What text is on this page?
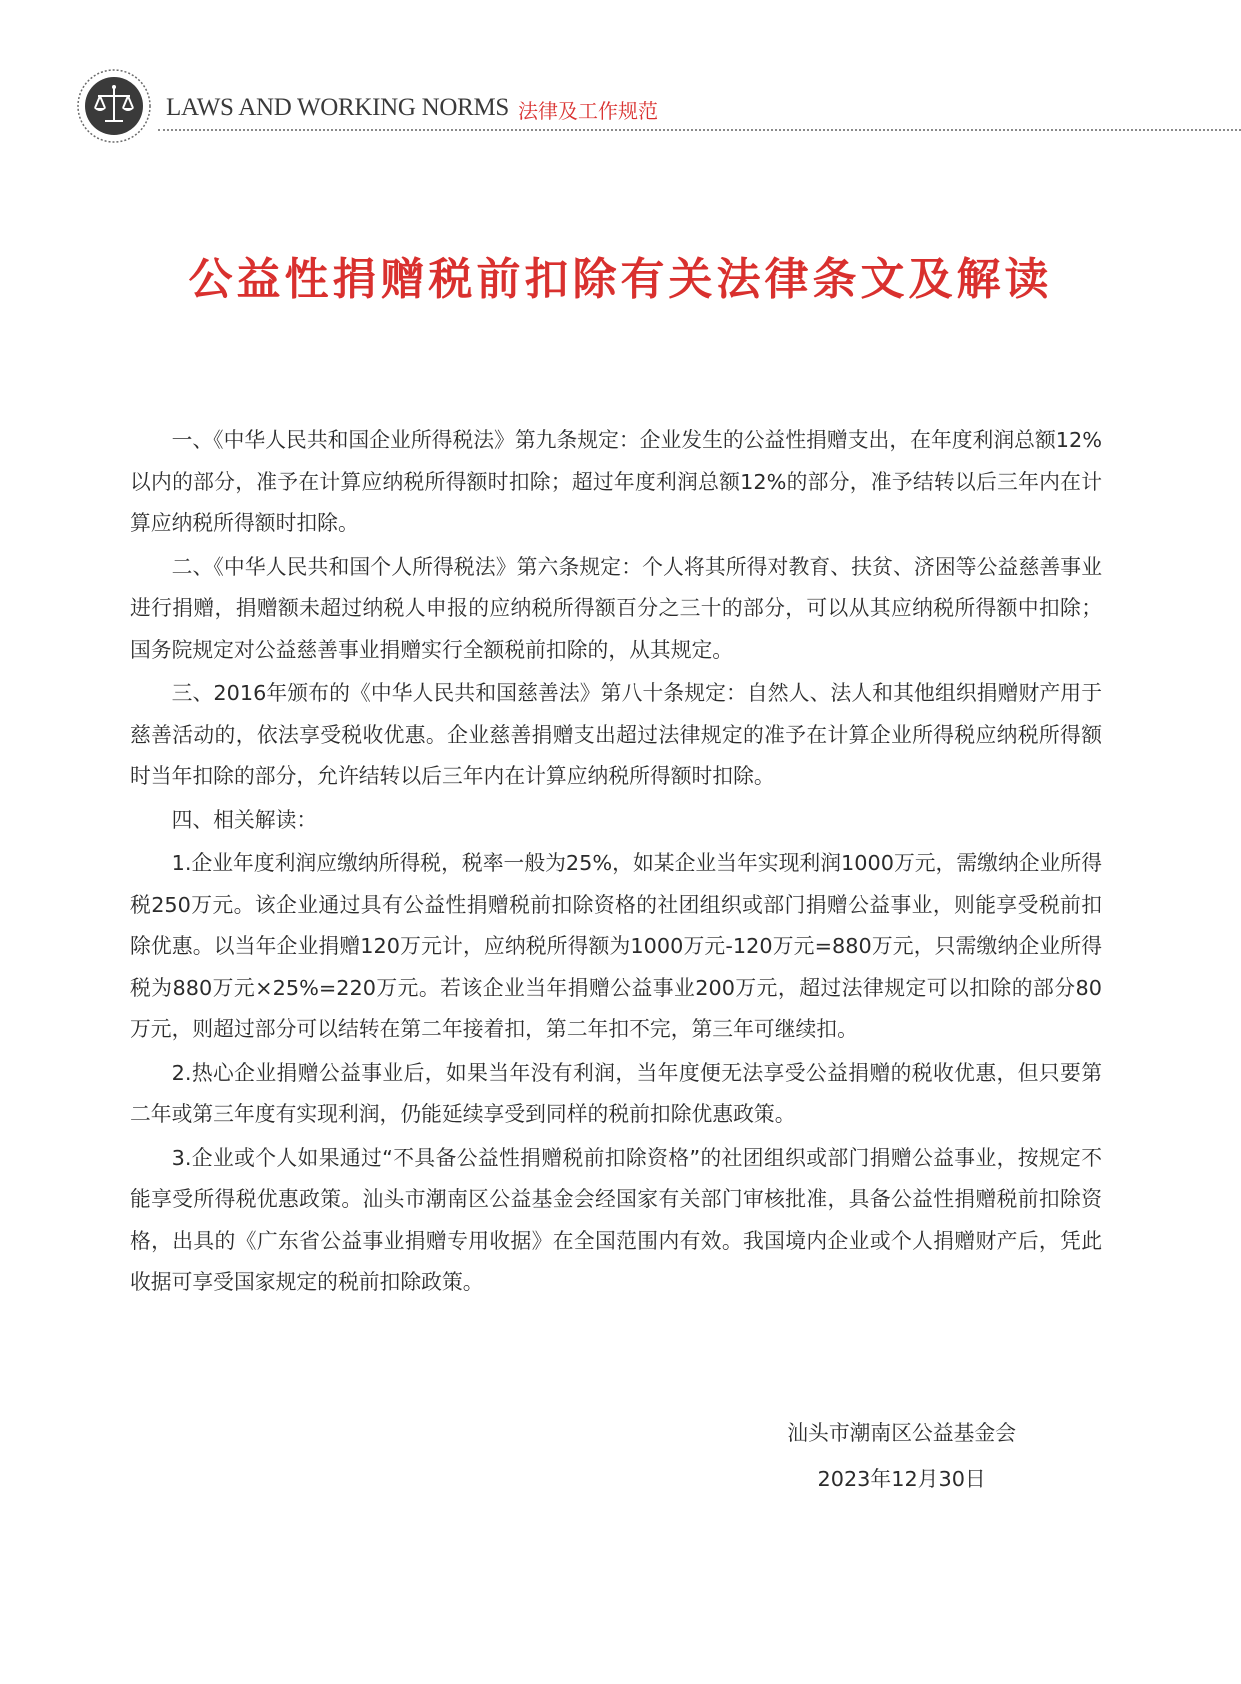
LAWS AND WORKING NORMS 法律及工作规范
公益性捐赠税前扣除有关法律条文及解读

一、《中华人民共和国企业所得税法》第九条规定：企业发生的公益性捐赠支出，在年度利润总额12%以内的部分，准予在计算应纳税所得额时扣除；超过年度利润总额12%的部分，准予结转以后三年内在计算应纳税所得额时扣除。

二、《中华人民共和国个人所得税法》第六条规定：个人将其所得对教育、扶贫、济困等公益慈善事业进行捐赠，捐赠额未超过纳税人申报的应纳税所得额百分之三十的部分，可以从其应纳税所得额中扣除；国务院规定对公益慈善事业捐赠实行全额税前扣除的，从其规定。

三、2016年颁布的《中华人民共和国慈善法》第八十条规定：自然人、法人和其他组织捐赠财产用于慈善活动的，依法享受税收优惠。企业慈善捐赠支出超过法律规定的准予在计算企业所得税应纳税所得额时当年扣除的部分，允许结转以后三年内在计算应纳税所得额时扣除。

四、相关解读：

1.企业年度利润应缴纳所得税，税率一般为25%，如某企业当年实现利润1000万元，需缴纳企业所得税250万元。该企业通过具有公益性捐赠税前扣除资格的社团组织或部门捐赠公益事业，则能享受税前扣除优惠。以当年企业捐赠120万元计，应纳税所得额为1000万元-120万元=880万元，只需缴纳企业所得税为880万元×25%=220万元。若该企业当年捐赠公益事业200万元，超过法律规定可以扣除的部分80万元，则超过部分可以结转在第二年接着扣，第二年扣不完，第三年可继续扣。

2.热心企业捐赠公益事业后，如果当年没有利润，当年度便无法享受公益捐赠的税收优惠，但只要第二年或第三年度有实现利润，仍能延续享受到同样的税前扣除优惠政策。

3.企业或个人如果通过“不具备公益性捐赠税前扣除资格”的社团组织或部门捐赠公益事业，按规定不能享受所得税优惠政策。汕头市潮南区公益基金会经国家有关部门审核批准，具备公益性捐赠税前扣除资格，出具的《广东省公益事业捐赠专用收据》在全国范围内有效。我国境内企业或个人捐赠财产后，凭此收据可享受国家规定的税前扣除政策。

汕头市潮南区公益基金会
2023年12月30日
